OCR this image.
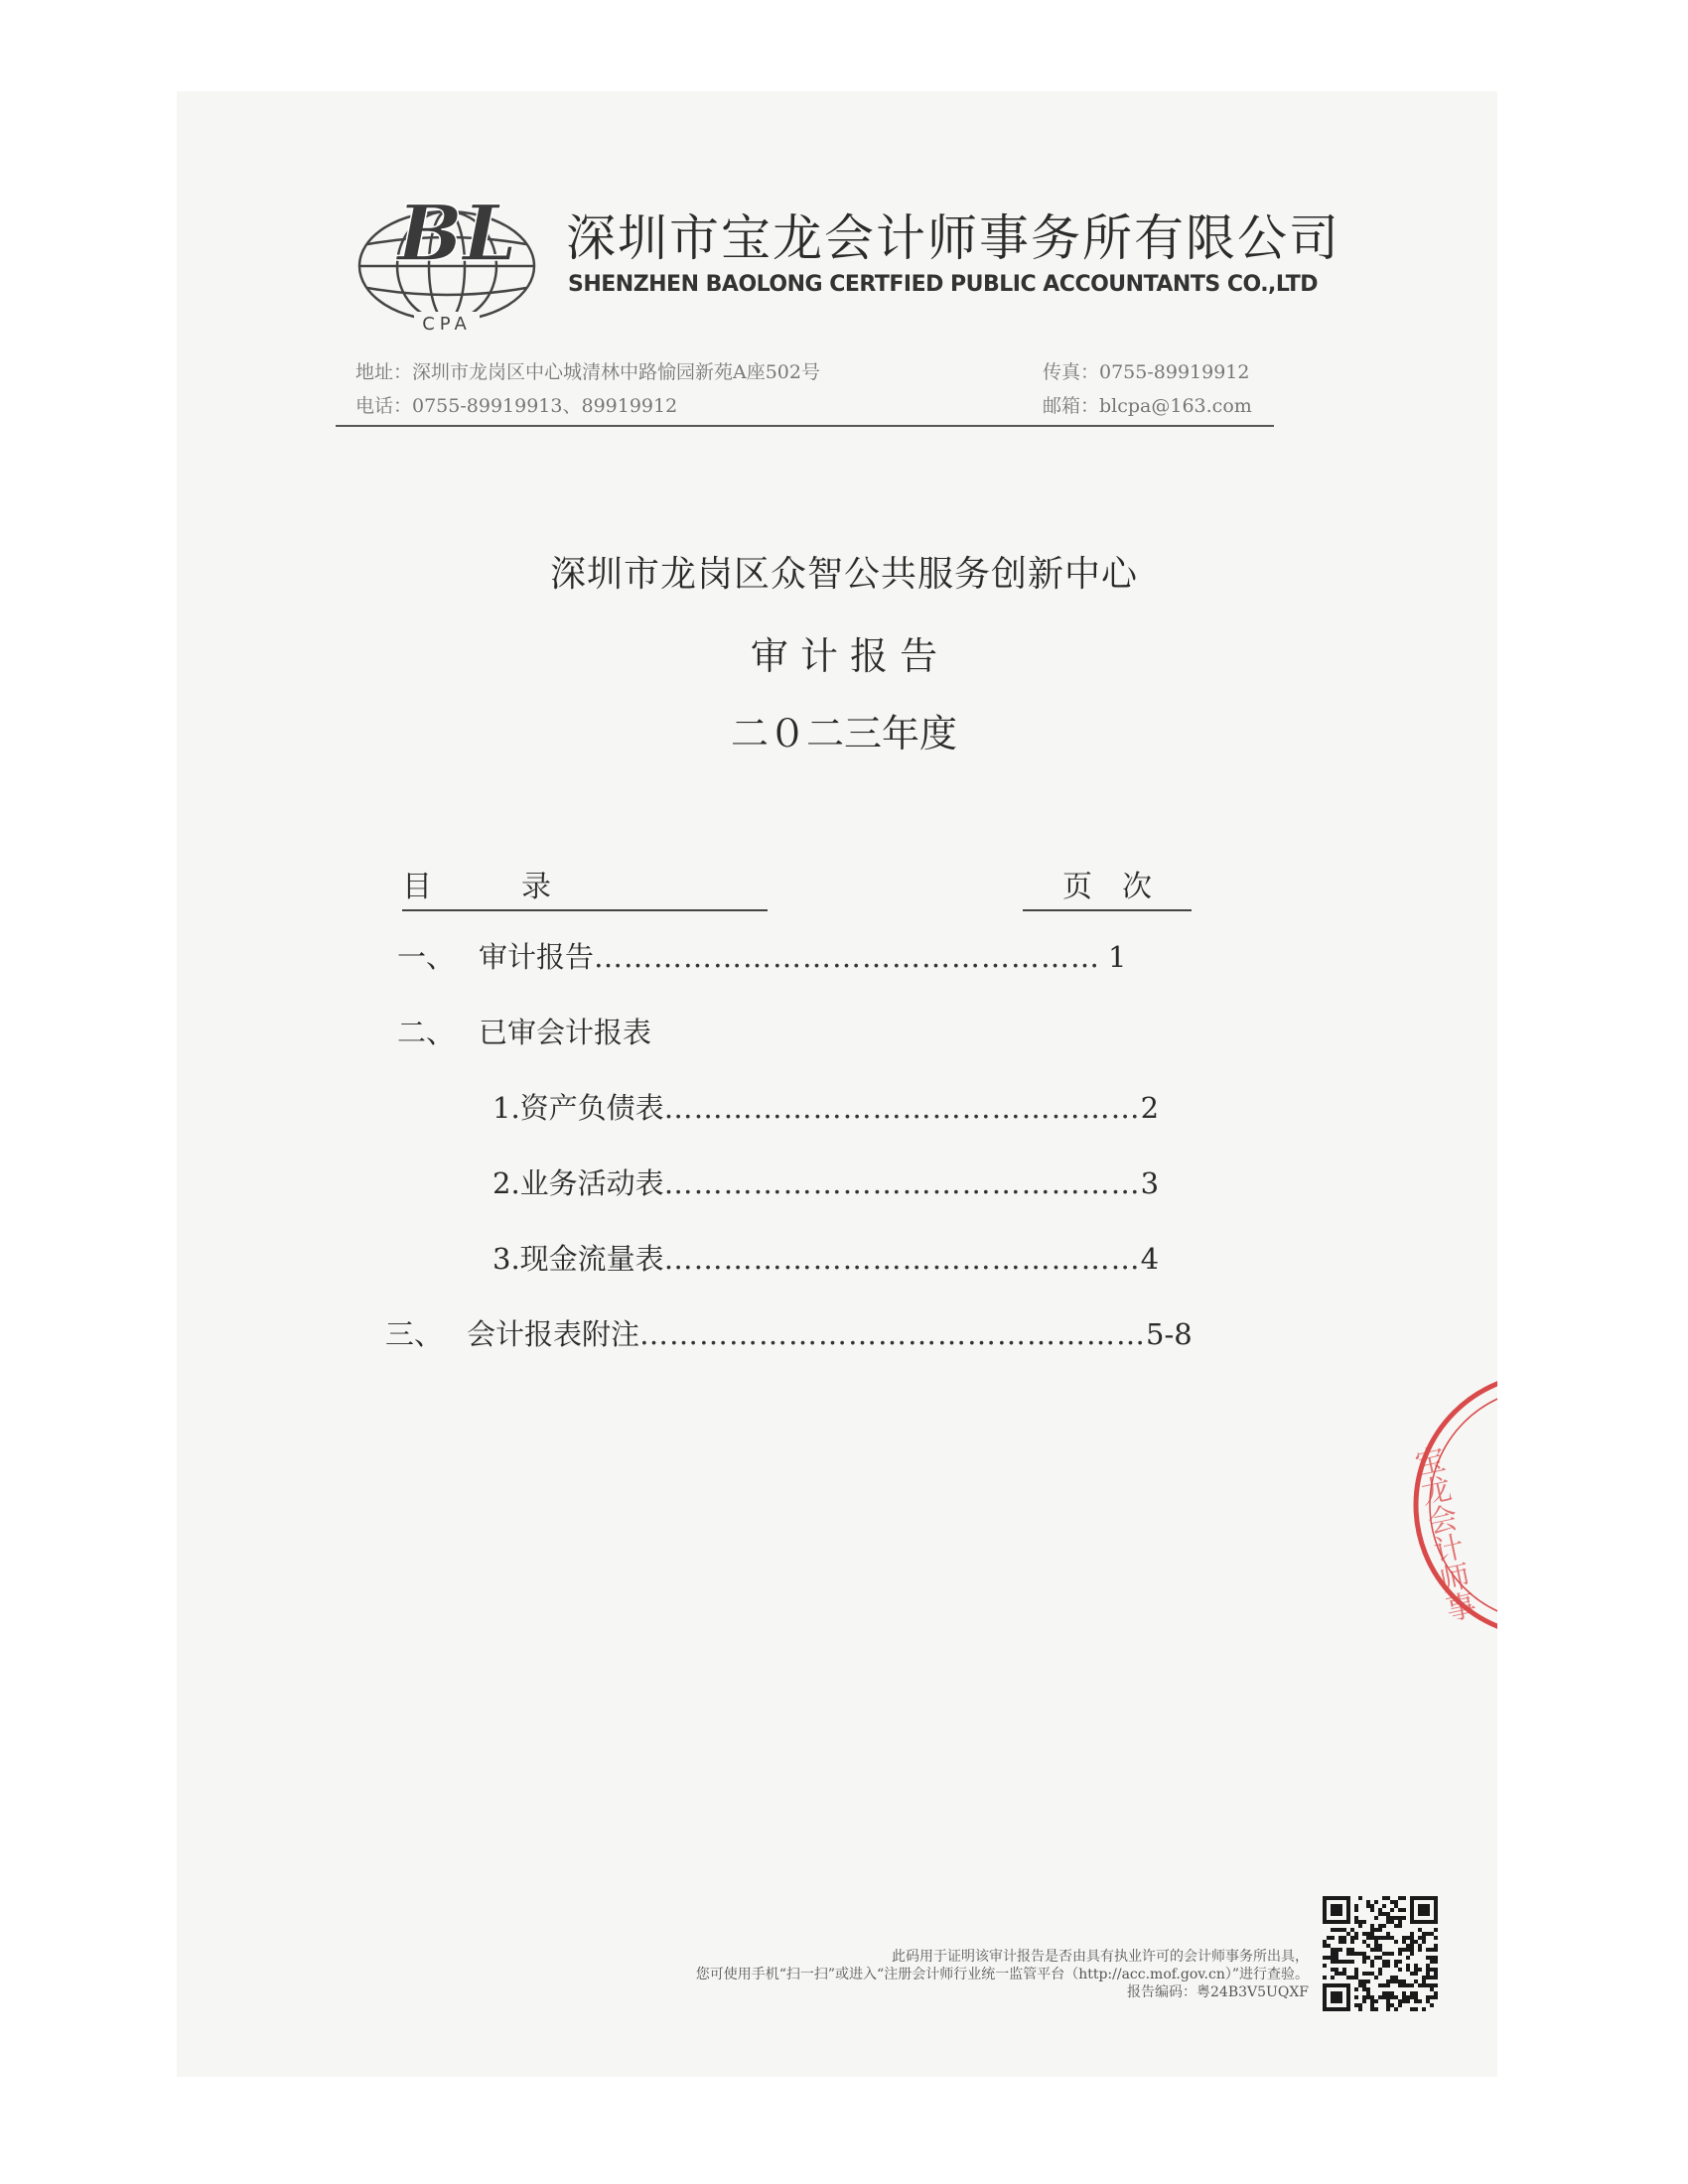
BL
CPA
深圳市宝龙会计师事务所有限公司
SHENZHEN BAOLONG CERTFIED PUBLIC ACCOUNTANTS CO.,LTD
地址：深圳市龙岗区中心城清林中路愉园新苑A座502号
电话：0755-89919913、89919912
传真：0755-89919912
邮箱：blcpa@163.com
深圳市龙岗区众智公共服务创新中心
审 计 报 告
二０二三年度
目　　　录	页　次
一、 审计报告…………………………………………… 1
二、 已审会计报表
1.资产负债表…………………………………………2
2.业务活动表…………………………………………3
3.现金流量表…………………………………………4
三、 会计报表附注……………………………………………5-8
宝龙会计师事
此码用于证明该审计报告是否由具有执业许可的会计师事务所出具，
您可使用手机“扫一扫”或进入“注册会计师行业统一监管平台（http://acc.mof.gov.cn）”进行查验。
报告编码：粤24B3V5UQXF
